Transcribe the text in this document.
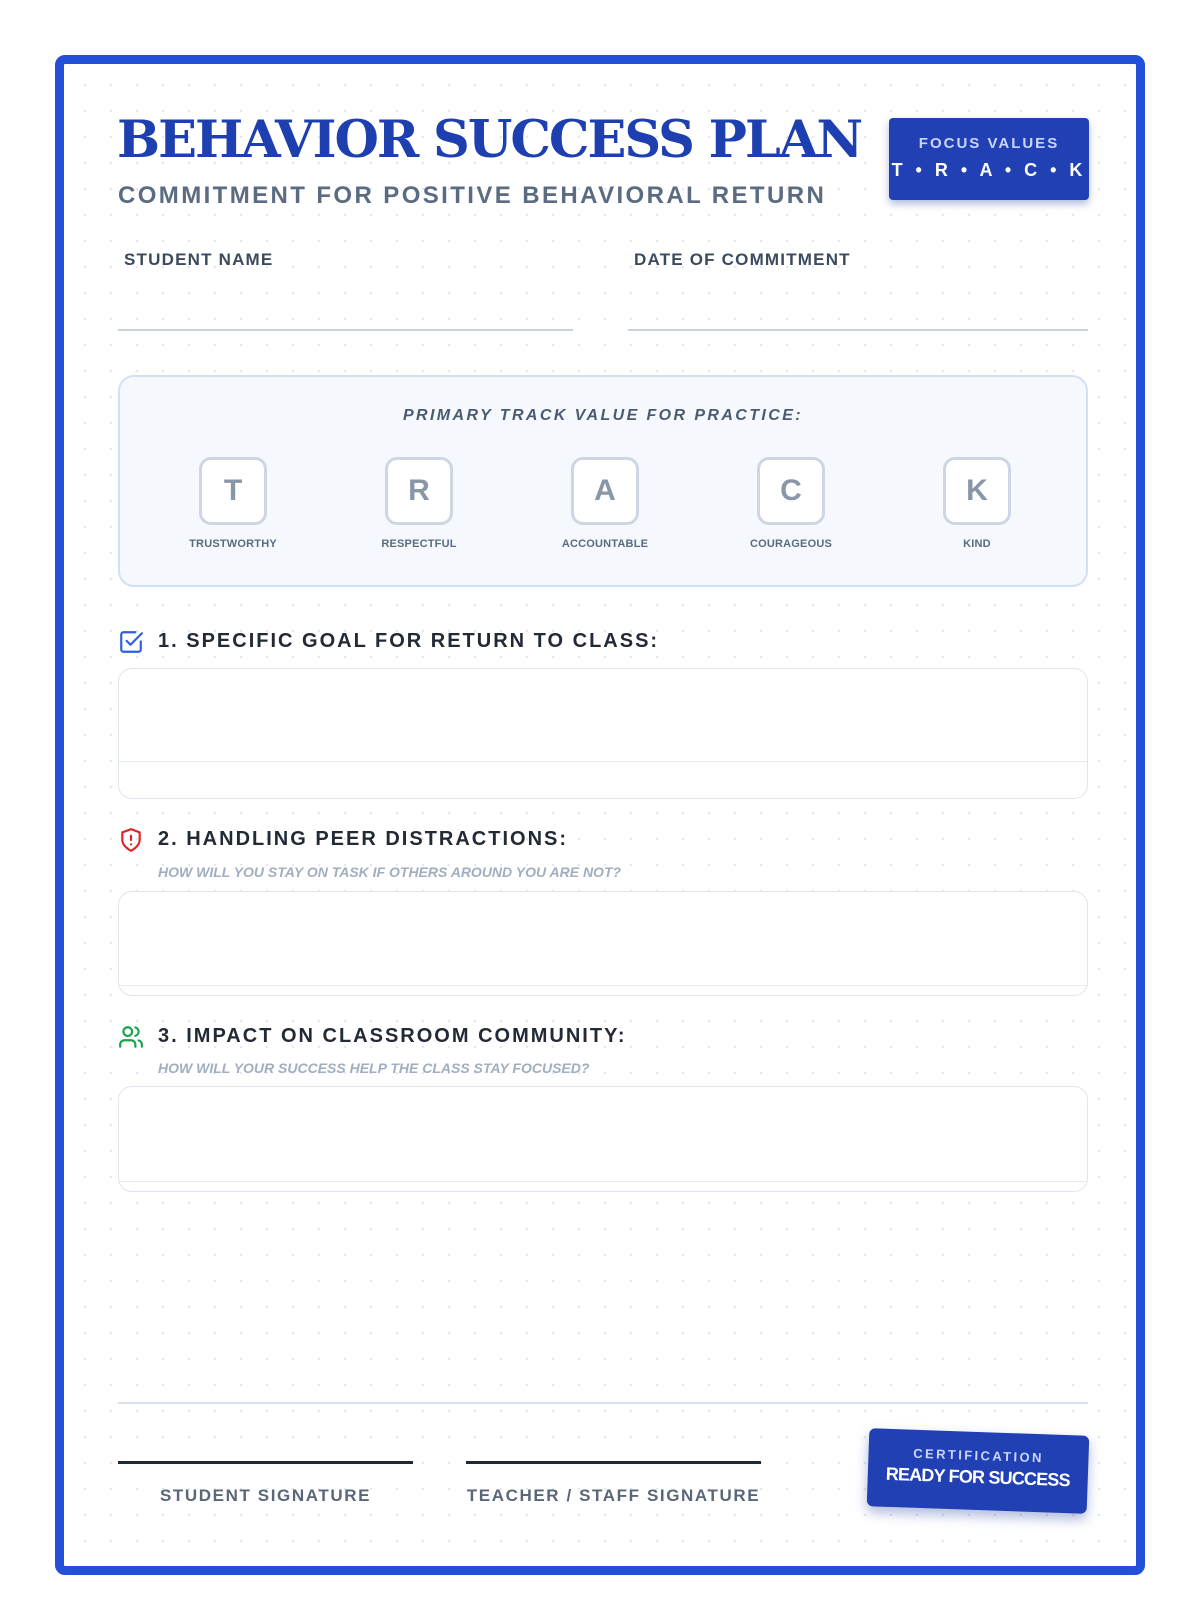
BEHAVIOR SUCCESS PLAN
COMMITMENT FOR POSITIVE BEHAVIORAL RETURN
FOCUS VALUES
T • R • A • C • K
STUDENT NAME	DATE OF COMMITMENT
PRIMARY TRACK VALUE FOR PRACTICE:
T
TRUSTWORTHY
R
RESPECTFUL
A
ACCOUNTABLE
C
COURAGEOUS
K
KIND
1. SPECIFIC GOAL FOR RETURN TO CLASS:
2. HANDLING PEER DISTRACTIONS:
HOW WILL YOU STAY ON TASK IF OTHERS AROUND YOU ARE NOT?
3. IMPACT ON CLASSROOM COMMUNITY:
HOW WILL YOUR SUCCESS HELP THE CLASS STAY FOCUSED?
STUDENT SIGNATURE	TEACHER / STAFF SIGNATURE
CERTIFICATION
READY FOR SUCCESS
